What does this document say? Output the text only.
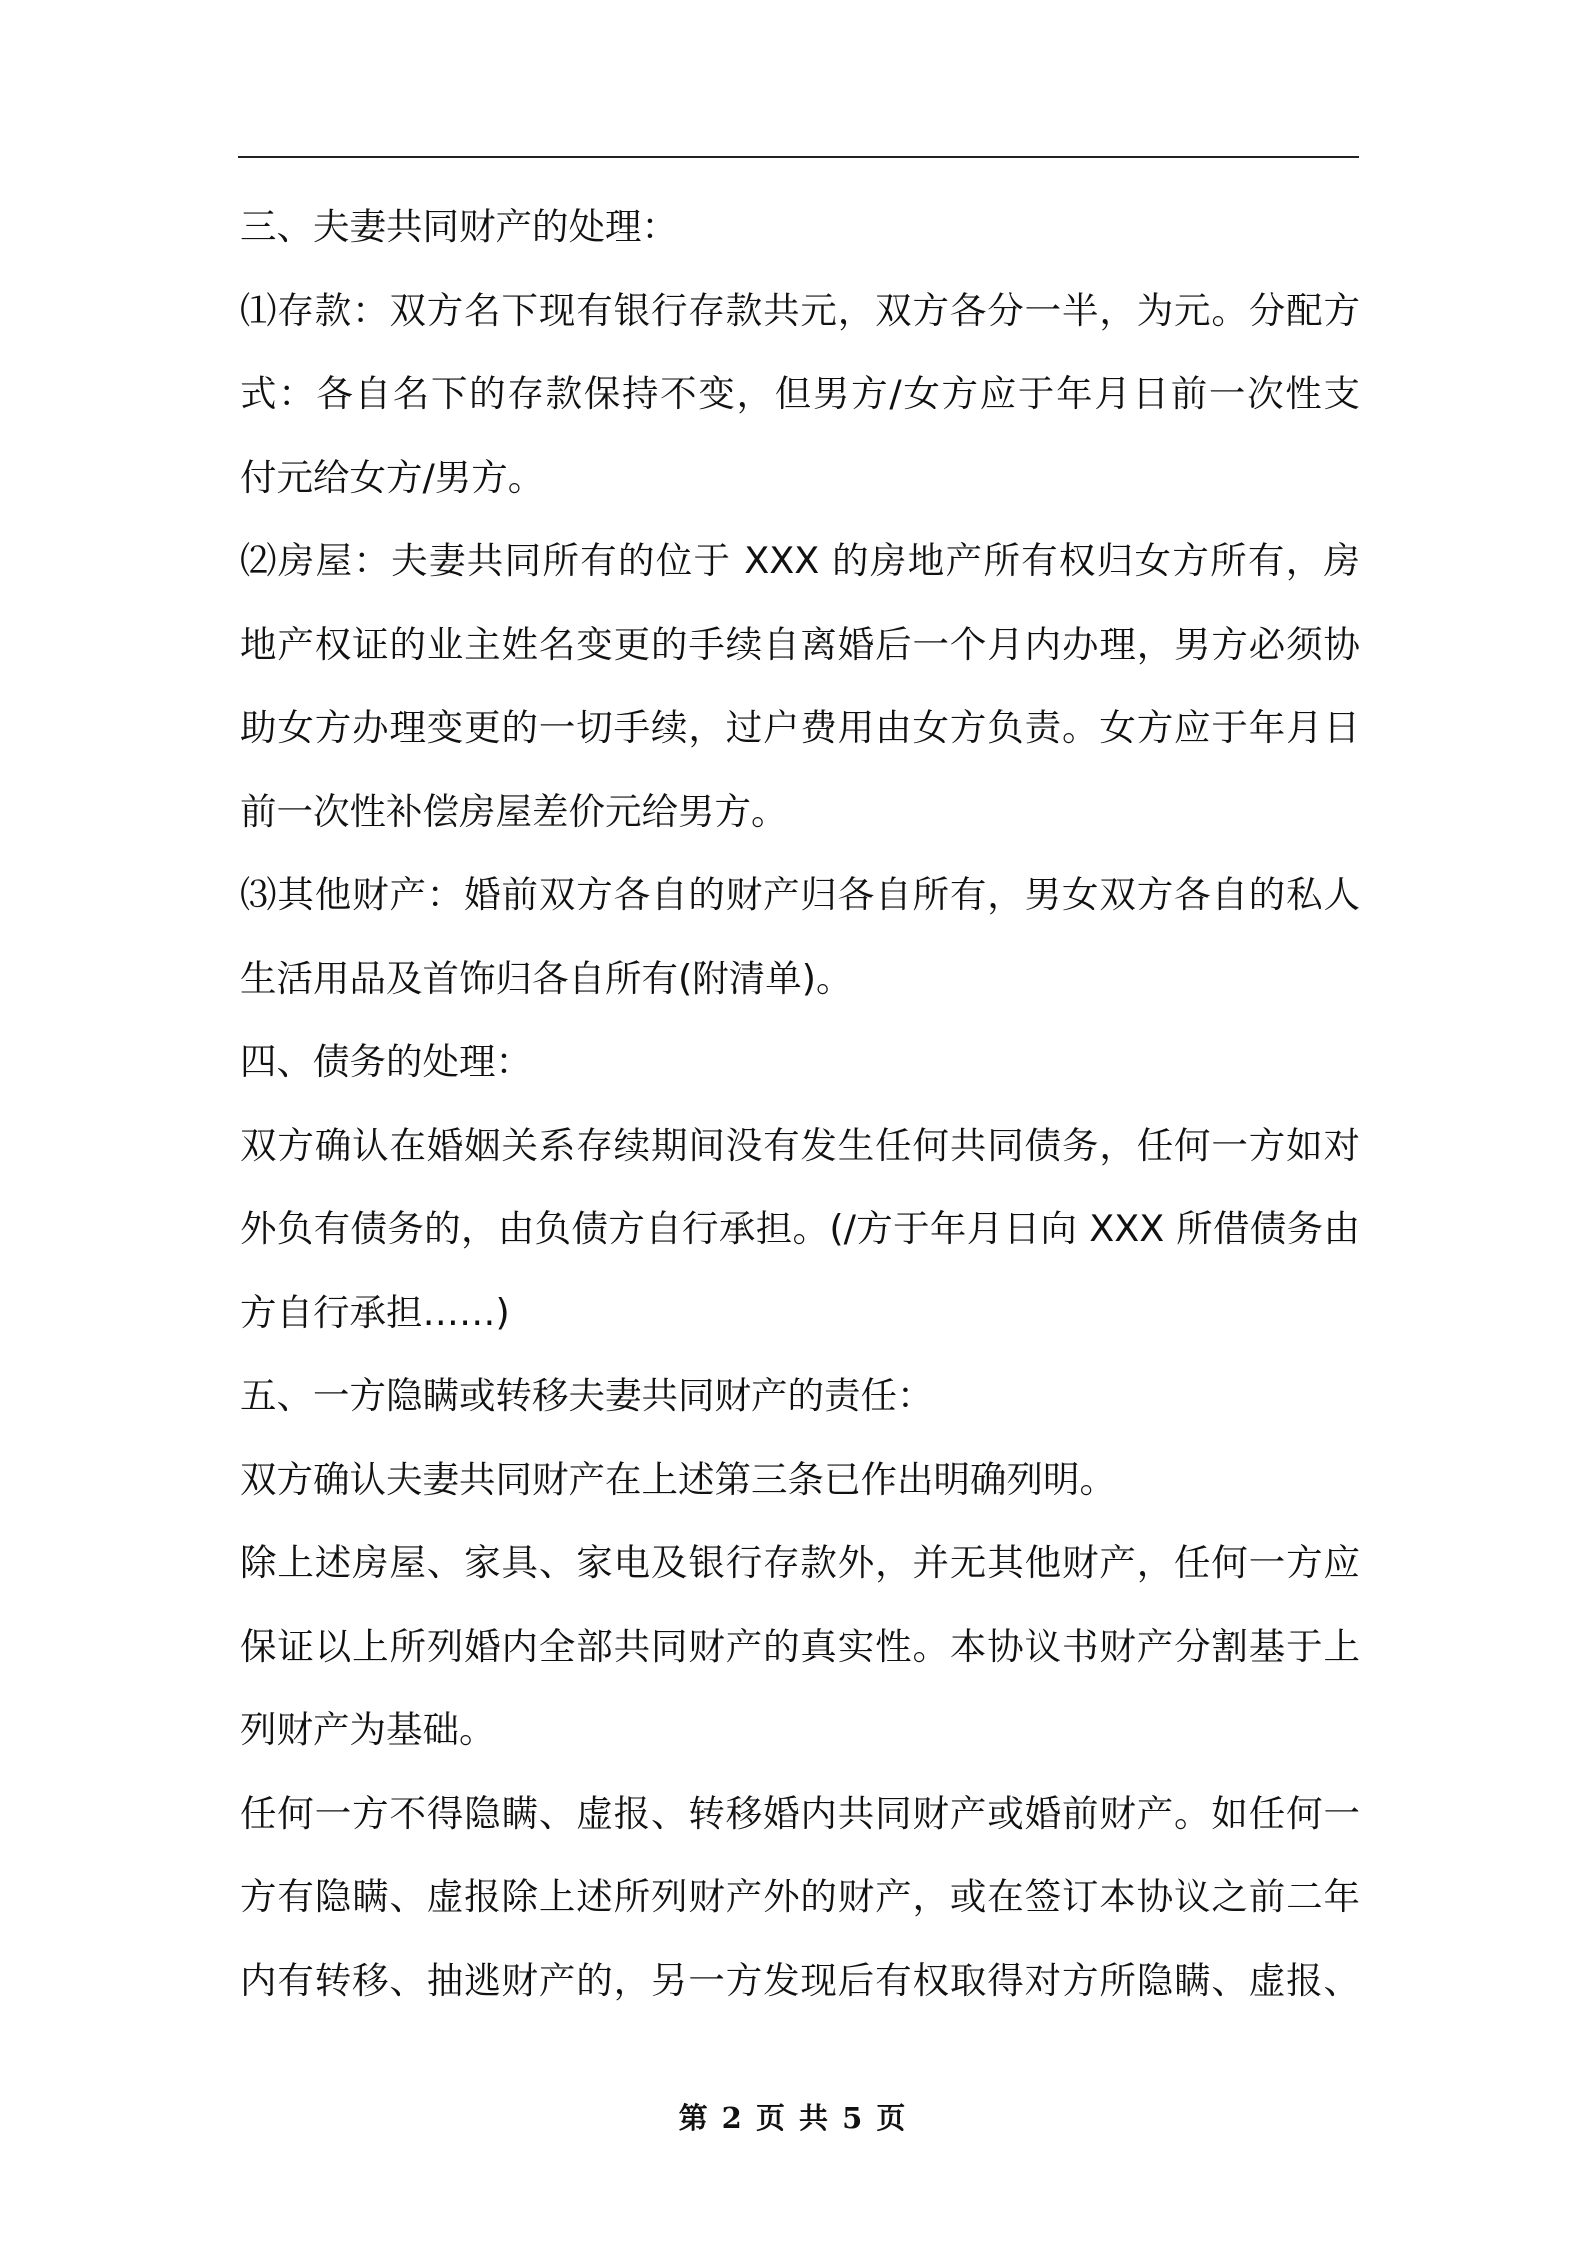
三、夫妻共同财产的处理：
⑴存款：双方名下现有银行存款共元，双方各分一半，为元。分配方
式：各自名下的存款保持不变，但男方/女方应于年月日前一次性支
付元给女方/男方。
⑵房屋：夫妻共同所有的位于 XXX 的房地产所有权归女方所有，房
地产权证的业主姓名变更的手续自离婚后一个月内办理，男方必须协
助女方办理变更的一切手续，过户费用由女方负责。女方应于年月日
前一次性补偿房屋差价元给男方。
⑶其他财产：婚前双方各自的财产归各自所有，男女双方各自的私人
生活用品及首饰归各自所有(附清单)。
四、债务的处理：
双方确认在婚姻关系存续期间没有发生任何共同债务，任何一方如对
外负有债务的，由负债方自行承担。(/方于年月日向 XXX 所借债务由
方自行承担……)
五、一方隐瞒或转移夫妻共同财产的责任：
双方确认夫妻共同财产在上述第三条已作出明确列明。
除上述房屋、家具、家电及银行存款外，并无其他财产，任何一方应
保证以上所列婚内全部共同财产的真实性。本协议书财产分割基于上
列财产为基础。
任何一方不得隐瞒、虚报、转移婚内共同财产或婚前财产。如任何一
方有隐瞒、虚报除上述所列财产外的财产，或在签订本协议之前二年
内有转移、抽逃财产的，另一方发现后有权取得对方所隐瞒、虚报、
第 2 页 共 5 页
